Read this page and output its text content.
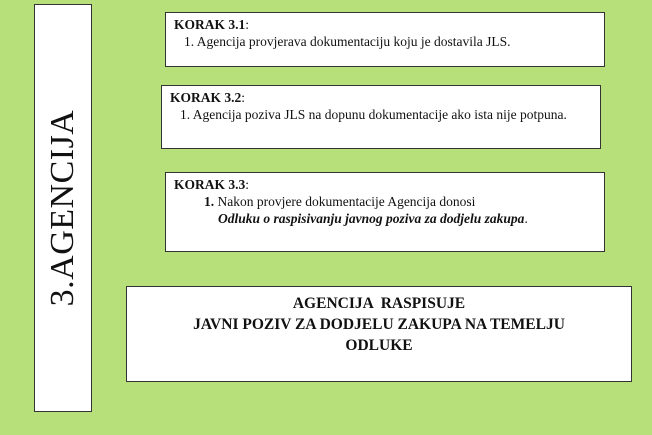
3.AGENCIJA
KORAK 3.1:
1. Agencija provjerava dokumentaciju koju je dostavila JLS.
KORAK 3.2:
1. Agencija poziva JLS na dopunu dokumentacije ako ista nije potpuna.
KORAK 3.3:
1. Nakon provjere dokumentacije Agencija donosi
Odluku o raspisivanju javnog poziva za dodjelu zakupa.
AGENCIJA  RASPISUJE
JAVNI POZIV ZA DODJELU ZAKUPA NA TEMELJU
ODLUKE
